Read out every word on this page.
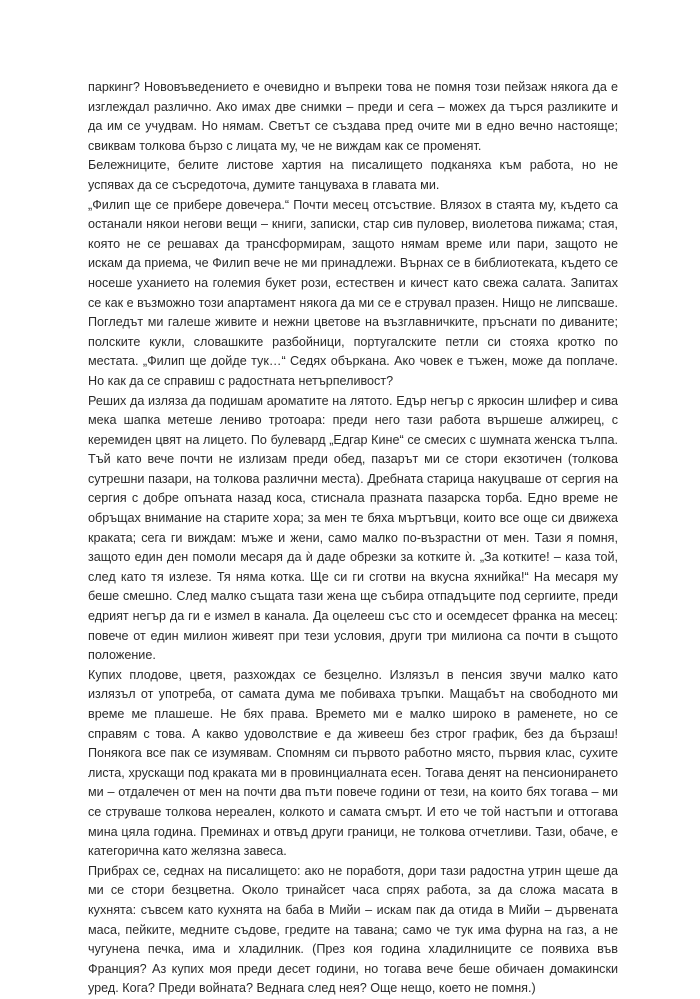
паркинг? Нововъведението е очевидно и въпреки това не помня този пейзаж някога да е изглеждал различно. Ако имах две снимки – преди и сега – можех да търся разликите и да им се учудвам. Но нямам. Светът се създава пред очите ми в едно вечно настояще; свиквам толкова бързо с лицата му, че не виждам как се променят.

Бележниците, белите листове хартия на писалището подканяха към работа, но не успявах да се съсредоточа, думите танцуваха в главата ми.

„Филип ще се прибере довечера.“ Почти месец отсъствие. Влязох в стаята му, където са останали някои негови вещи – книги, записки, стар сив пуловер, виолетова пижама; стая, която не се решавах да трансформирам, защото нямам време или пари, защото не искам да приема, че Филип вече не ми принадлежи. Върнах се в библиотеката, където се носеше уханието на големия букет рози, естествен и кичест като свежа салата. Запитах се как е възможно този апартамент някога да ми се е струвал празен. Нищо не липсваше. Погледът ми галеше живите и нежни цветове на възглавничките, пръснати по диваните; полските кукли, словашките разбойници, португалските петли си стояха кротко по местата. „Филип ще дойде тук…“ Седях объркана. Ако човек е тъжен, може да поплаче. Но как да се справиш с радостната нетърпеливост?

Реших да изляза да подишам ароматите на лятото. Едър негър с яркосин шлифер и сива мека шапка метеше лениво тротоара: преди него тази работа вършеше алжирец, с керемиден цвят на лицето. По булевард „Едгар Кине“ се смесих с шумната женска тълпа. Тъй като вече почти не излизам преди обед, пазарът ми се стори екзотичен (толкова сутрешни пазари, на толкова различни места). Дребната старица накуцваше от сергия на сергия с добре опъната назад коса, стиснала празната пазарска торба. Едно време не обръщах внимание на старите хора; за мен те бяха мъртъвци, които все още си движеха краката; сега ги виждам: мъже и жени, само малко по-възрастни от мен. Тази я помня, защото един ден помоли месаря да ѝ даде обрезки за котките ѝ. „За котките! – каза той, след като тя излезе. Тя няма котка. Ще си ги сготви на вкусна яхнийка!“ На месаря му беше смешно. След малко същата тази жена ще събира отпадъците под сергиите, преди едрият негър да ги е измел в канала. Да оцелееш със сто и осемдесет франка на месец: повече от един милион живеят при тези условия, други три милиона са почти в същото положение.

Купих плодове, цветя, разхождах се безцелно. Излязъл в пенсия звучи малко като излязъл от употреба, от самата дума ме побиваха тръпки. Мащабът на свободното ми време ме плашеше. Не бях права. Времето ми е малко широко в раменете, но се справям с това. А какво удоволствие е да живееш без строг график, без да бързаш! Понякога все пак се изумявам. Спомням си първото работно място, първия клас, сухите листа, хрускащи под краката ми в провинциалната есен. Тогава денят на пенсионирането ми – отдалечен от мен на почти два пъти повече години от тези, на които бях тогава – ми се струваше толкова нереален, колкото и самата смърт. И ето че той настъпи и оттогава мина цяла година. Преминах и отвъд други граници, не толкова отчетливи. Тази, обаче, е категорична като желязна завеса.

Прибрах се, седнах на писалището: ако не поработя, дори тази радостна утрин щеше да ми се стори безцветна. Около тринайсет часа спрях работа, за да сложа масата в кухнята: съвсем като кухнята на баба в Мийи – искам пак да отида в Мийи – дървената маса, пейките, медните съдове, гредите на тавана; само че тук има фурна на газ, а не чугунена печка, има и хладилник. (През коя година хладилниците се появиха във Франция? Аз купих моя преди десет години, но тогава вече беше обичаен домакински уред. Кога? Преди войната? Веднага след нея? Още нещо, което не помня.)
